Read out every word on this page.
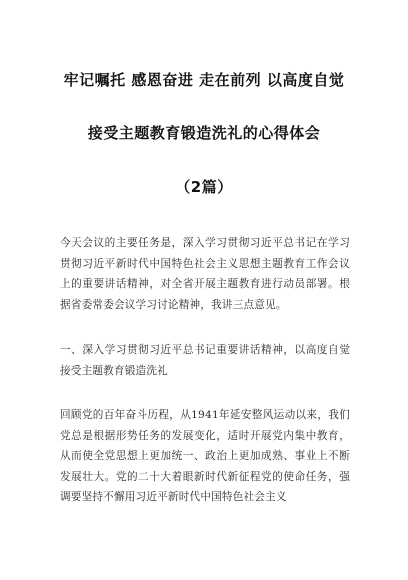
牢记嘱托 感恩奋进 走在前列 以高度自觉
接受主题教育锻造洗礼的心得体会
（2篇）
今天会议的主要任务是，深入学习贯彻习近平总书记在学习贯彻习近平新时代中国特色社会主义思想主题教育工作会议上的重要讲话精神，对全省开展主题教育进行动员部署。根据省委常委会议学习讨论精神，我讲三点意见。
一、深入学习贯彻习近平总书记重要讲话精神，以高度自觉接受主题教育锻造洗礼
回顾党的百年奋斗历程，从1941年延安整风运动以来，我们党总是根据形势任务的发展变化，适时开展党内集中教育，从而使全党思想上更加统一、政治上更加成熟、事业上不断发展壮大。党的二十大着眼新时代新征程党的使命任务，强调要坚持不懈用习近平新时代中国特色社会主义
